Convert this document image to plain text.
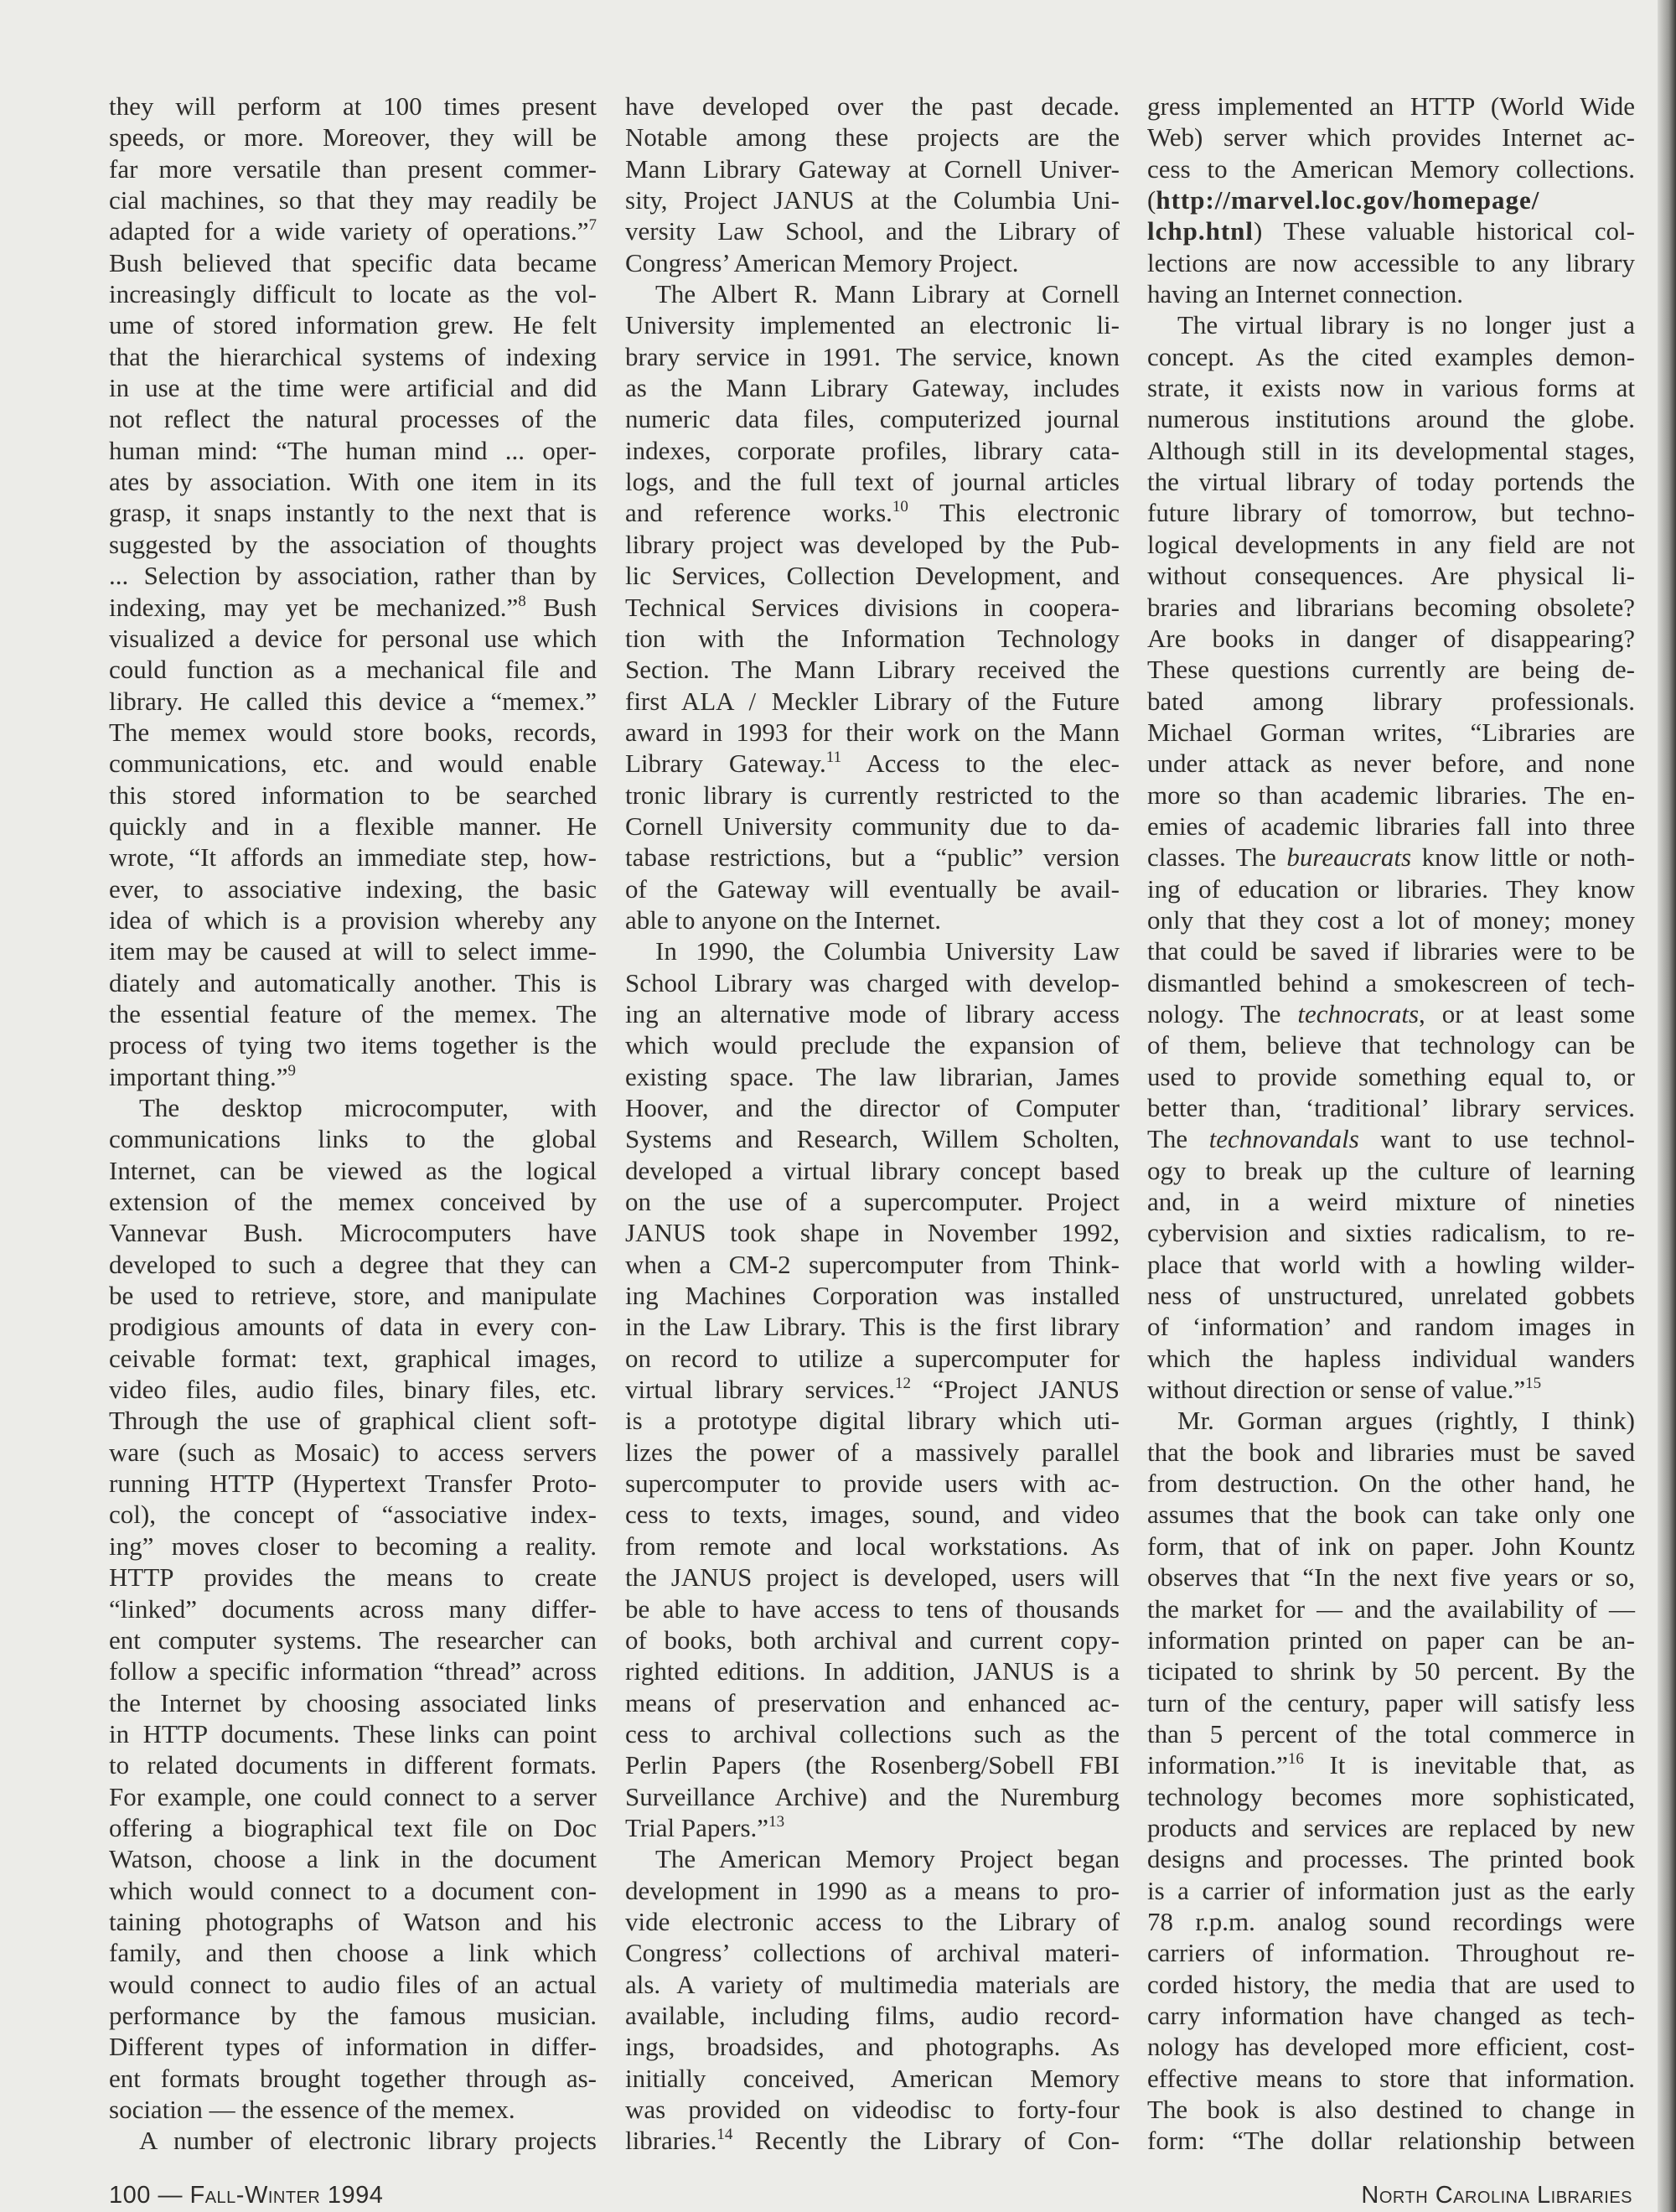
they will perform at 100 times present
speeds, or more. Moreover, they will be
far more versatile than present commer-
cial machines, so that they may readily be
adapted for a wide variety of operations.”$^7$
Bush believed that specific data became
increasingly difficult to locate as the vol-
ume of stored information grew. He felt
that the hierarchical systems of indexing
in use at the time were artificial and did
not reflect the natural processes of the
human mind: “The human mind ... oper-
ates by association. With one item in its
grasp, it snaps instantly to the next that is
suggested by the association of thoughts
... Selection by association, rather than by
indexing, may yet be mechanized.”$^8$ Bush
visualized a device for personal use which
could function as a mechanical file and
library. He called this device a “memex.”
The memex would store books, records,
communications, etc. and would enable
this stored information to be searched
quickly and in a flexible manner. He
wrote, “It affords an immediate step, how-
ever, to associative indexing, the basic
idea of which is a provision whereby any
item may be caused at will to select imme-
diately and automatically another. This is
the essential feature of the memex. The
process of tying two items together is the
important thing.”$^9$
The desktop microcomputer, with
communications links to the global
Internet, can be viewed as the logical
extension of the memex conceived by
Vannevar Bush. Microcomputers have
developed to such a degree that they can
be used to retrieve, store, and manipulate
prodigious amounts of data in every con-
ceivable format: text, graphical images,
video files, audio files, binary files, etc.
Through the use of graphical client soft-
ware (such as Mosaic) to access servers
running HTTP (Hypertext Transfer Proto-
col), the concept of “associative index-
ing” moves closer to becoming a reality.
HTTP provides the means to create
“linked” documents across many differ-
ent computer systems. The researcher can
follow a specific information “thread” across
the Internet by choosing associated links
in HTTP documents. These links can point
to related documents in different formats.
For example, one could connect to a server
offering a biographical text file on Doc
Watson, choose a link in the document
which would connect to a document con-
taining photographs of Watson and his
family, and then choose a link which
would connect to audio files of an actual
performance by the famous musician.
Different types of information in differ-
ent formats brought together through as-
sociation — the essence of the memex.
A number of electronic library projects
have developed over the past decade.
Notable among these projects are the
Mann Library Gateway at Cornell Univer-
sity, Project JANUS at the Columbia Uni-
versity Law School, and the Library of
Congress’ American Memory Project.
The Albert R. Mann Library at Cornell
University implemented an electronic li-
brary service in 1991. The service, known
as the Mann Library Gateway, includes
numeric data files, computerized journal
indexes, corporate profiles, library cata-
logs, and the full text of journal articles
and reference works.$^{10}$ This electronic
library project was developed by the Pub-
lic Services, Collection Development, and
Technical Services divisions in coopera-
tion with the Information Technology
Section. The Mann Library received the
first ALA / Meckler Library of the Future
award in 1993 for their work on the Mann
Library Gateway.$^{11}$ Access to the elec-
tronic library is currently restricted to the
Cornell University community due to da-
tabase restrictions, but a “public” version
of the Gateway will eventually be avail-
able to anyone on the Internet.
In 1990, the Columbia University Law
School Library was charged with develop-
ing an alternative mode of library access
which would preclude the expansion of
existing space. The law librarian, James
Hoover, and the director of Computer
Systems and Research, Willem Scholten,
developed a virtual library concept based
on the use of a supercomputer. Project
JANUS took shape in November 1992,
when a CM-2 supercomputer from Think-
ing Machines Corporation was installed
in the Law Library. This is the first library
on record to utilize a supercomputer for
virtual library services.$^{12}$ “Project JANUS
is a prototype digital library which uti-
lizes the power of a massively parallel
supercomputer to provide users with ac-
cess to texts, images, sound, and video
from remote and local workstations. As
the JANUS project is developed, users will
be able to have access to tens of thousands
of books, both archival and current copy-
righted editions. In addition, JANUS is a
means of preservation and enhanced ac-
cess to archival collections such as the
Perlin Papers (the Rosenberg/Sobell FBI
Surveillance Archive) and the Nuremburg
Trial Papers.”$^{13}$
The American Memory Project began
development in 1990 as a means to pro-
vide electronic access to the Library of
Congress’ collections of archival materi-
als. A variety of multimedia materials are
available, including films, audio record-
ings, broadsides, and photographs. As
initially conceived, American Memory
was provided on videodisc to forty-four
libraries.$^{14}$ Recently the Library of Con-
gress implemented an HTTP (World Wide
Web) server which provides Internet ac-
cess to the American Memory collections.
(http://marvel.loc.gov/homepage/
lchp.htnl) These valuable historical col-
lections are now accessible to any library
having an Internet connection.
The virtual library is no longer just a
concept. As the cited examples demon-
strate, it exists now in various forms at
numerous institutions around the globe.
Although still in its developmental stages,
the virtual library of today portends the
future library of tomorrow, but techno-
logical developments in any field are not
without consequences. Are physical li-
braries and librarians becoming obsolete?
Are books in danger of disappearing?
These questions currently are being de-
bated among library professionals.
Michael Gorman writes, “Libraries are
under attack as never before, and none
more so than academic libraries. The en-
emies of academic libraries fall into three
classes. The bureaucrats know little or noth-
ing of education or libraries. They know
only that they cost a lot of money; money
that could be saved if libraries were to be
dismantled behind a smokescreen of tech-
nology. The technocrats, or at least some
of them, believe that technology can be
used to provide something equal to, or
better than, ‘traditional’ library services.
The technovandals want to use technol-
ogy to break up the culture of learning
and, in a weird mixture of nineties
cybervision and sixties radicalism, to re-
place that world with a howling wilder-
ness of unstructured, unrelated gobbets
of ‘information’ and random images in
which the hapless individual wanders
without direction or sense of value.”$^{15}$
Mr. Gorman argues (rightly, I think)
that the book and libraries must be saved
from destruction. On the other hand, he
assumes that the book can take only one
form, that of ink on paper. John Kountz
observes that “In the next five years or so,
the market for — and the availability of —
information printed on paper can be an-
ticipated to shrink by 50 percent. By the
turn of the century, paper will satisfy less
than 5 percent of the total commerce in
information.”$^{16}$ It is inevitable that, as
technology becomes more sophisticated,
products and services are replaced by new
designs and processes. The printed book
is a carrier of information just as the early
78 r.p.m. analog sound recordings were
carriers of information. Throughout re-
corded history, the media that are used to
carry information have changed as tech-
nology has developed more efficient, cost-
effective means to store that information.
The book is also destined to change in
form: “The dollar relationship between
100 — Fall-Winter 1994	North Carolina Libraries
